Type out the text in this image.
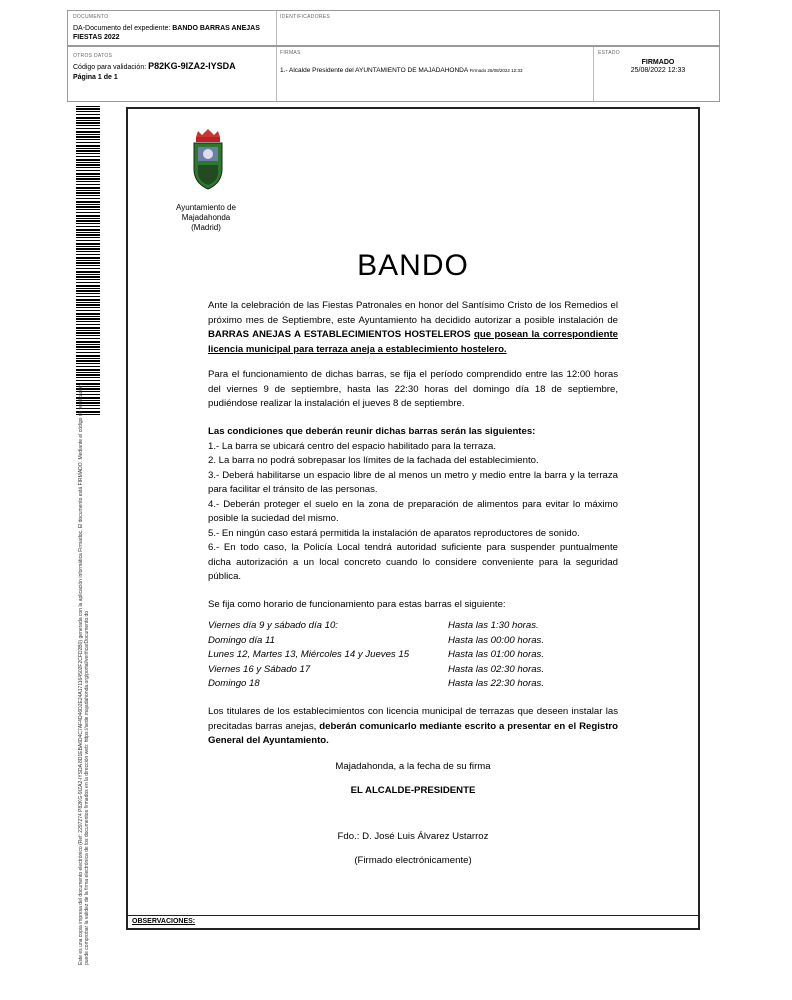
DOCUMENTO
DA-Documento del expediente: BANDO BARRAS ANEJAS FIESTAS 2022
IDENTIFICADORES
OTROS DATOS
Código para validación: P82KG-9IZA2-IYSDA
Página 1 de 1
FIRMAS
1.- Alcalde Presidente del AYUNTAMIENTO DE MAJADAHONDA Firmado 25/08/2022 12:33
ESTADO
FIRMADO
25/08/2022 12:33
Este es una copia impresa del documento electrónico (Ref: 2297274 P82KG-9IZA2-IYSDA 8D1EBA6D4C7AF4D46D2E24A171164502F2CFD2B0) generada con la aplicación informática Firmadoc. El documento está FIRMADO. Mediante el código de verificación puede comprobar la validez de la firma electrónica de los documentos firmados en la dirección web: https://sede.majadahonda.org/portal/verificarDocumento.do
Ayuntamiento de
Majadahonda
(Madrid)
BANDO
Ante la celebración de las Fiestas Patronales en honor del Santísimo Cristo de los Remedios el próximo mes de Septiembre, este Ayuntamiento ha decidido autorizar a posible instalación de BARRAS ANEJAS A ESTABLECIMIENTOS HOSTELEROS que posean la correspondiente licencia municipal para terraza aneja a establecimiento hostelero.
Para el funcionamiento de dichas barras, se fija el período comprendido entre las 12:00 horas del viernes 9 de septiembre, hasta las 22:30 horas del domingo día 18 de septiembre, pudiéndose realizar la instalación el jueves 8 de septiembre.
Las condiciones que deberán reunir dichas barras serán las siguientes:
1.- La barra se ubicará centro del espacio habilitado para la terraza.
2. La barra no podrá sobrepasar los límites de la fachada del establecimiento.
3.- Deberá habilitarse un espacio libre de al menos un metro y medio entre la barra y la terraza para facilitar el tránsito de las personas.
4.- Deberán proteger el suelo en la zona de preparación de alimentos para evitar lo máximo posible la suciedad del mismo.
5.- En ningún caso estará permitida la instalación de aparatos reproductores de sonido.
6.- En todo caso, la Policía Local tendrá autoridad suficiente para suspender puntualmente dicha autorización a un local concreto cuando lo considere conveniente para la seguridad pública.
Se fija como horario de funcionamiento para estas barras el siguiente:
Viernes día 9 y sábado día 10:	Hasta las 1:30 horas.
Domingo día 11	Hasta las 00:00 horas.
Lunes 12, Martes 13, Miércoles 14 y Jueves 15	Hasta las 01:00 horas.
Viernes 16 y Sábado 17	Hasta las 02:30 horas.
Domingo 18	Hasta las 22:30 horas.
Los titulares de los establecimientos con licencia municipal de terrazas que deseen instalar las precitadas barras anejas, deberán comunicarlo mediante escrito a presentar en el Registro General del Ayuntamiento.
Majadahonda, a la fecha de su firma
EL ALCALDE-PRESIDENTE
Fdo.: D. José Luis Álvarez Ustarroz
(Firmado electrónicamente)
OBSERVACIONES:
